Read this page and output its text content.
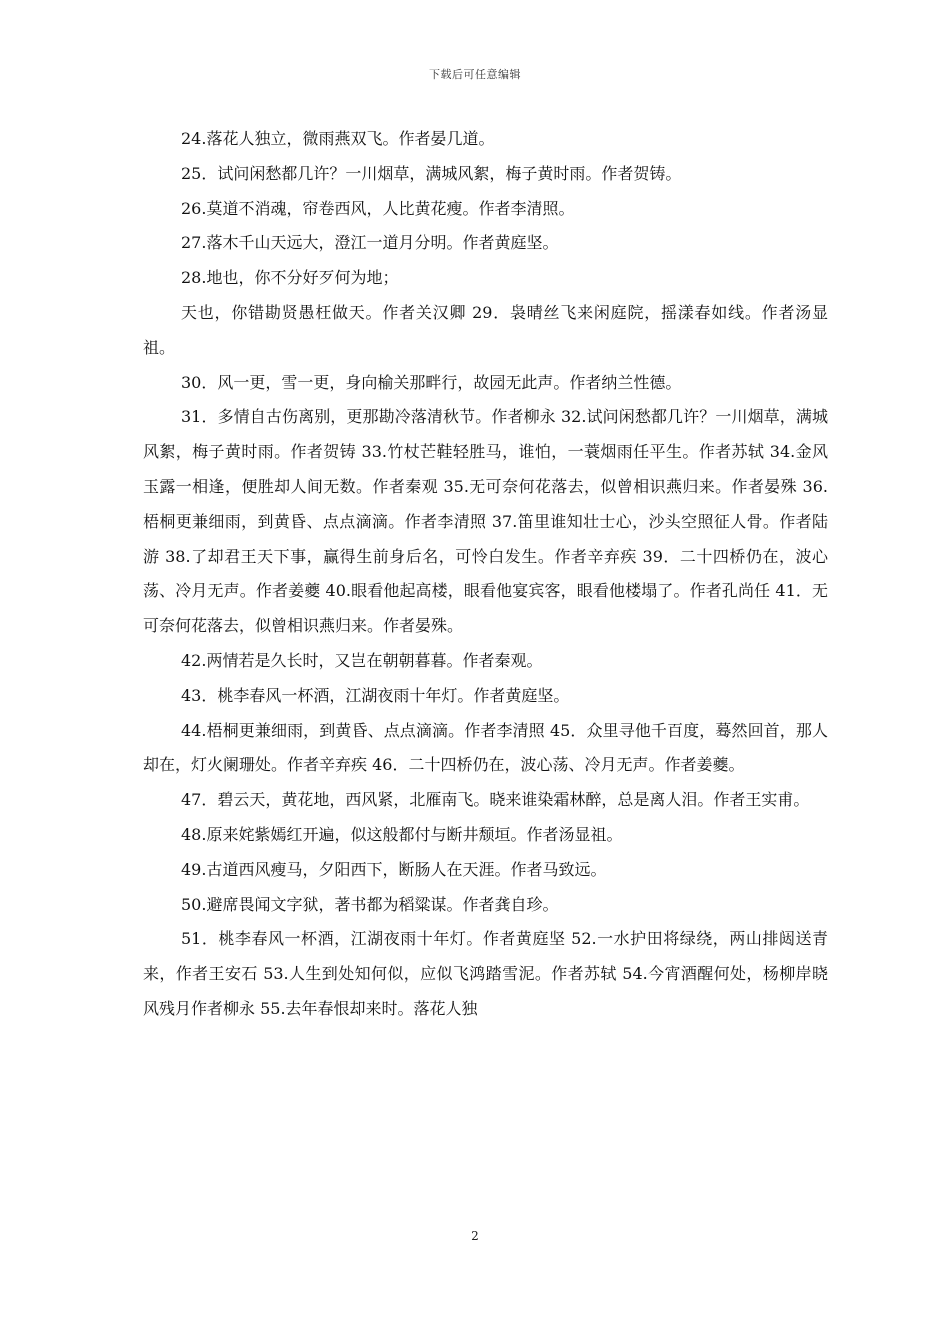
下载后可任意编辑

24.落花人独立，微雨燕双飞。作者晏几道。

25．试问闲愁都几许？一川烟草，满城风絮，梅子黄时雨。作者贺铸。

26.莫道不消魂，帘卷西风，人比黄花瘦。作者李清照。

27.落木千山天远大，澄江一道月分明。作者黄庭坚。

28.地也，你不分好歹何为地；

天也，你错勘贤愚枉做天。作者关汉卿 29．袅晴丝飞来闲庭院，摇漾春如线。作者汤显祖。

30．风一更，雪一更，身向榆关那畔行，故园无此声。作者纳兰性德。

31．多情自古伤离别，更那勘冷落清秋节。作者柳永 32.试问闲愁都几许？一川烟草，满城风絮，梅子黄时雨。作者贺铸 33.竹杖芒鞋轻胜马，谁怕，一蓑烟雨任平生。作者苏轼 34.金风玉露一相逢，便胜却人间无数。作者秦观 35.无可奈何花落去，似曾相识燕归来。作者晏殊 36.梧桐更兼细雨，到黄昏、点点滴滴。作者李清照 37.笛里谁知壮士心，沙头空照征人骨。作者陆游 38.了却君王天下事，赢得生前身后名，可怜白发生。作者辛弃疾 39．二十四桥仍在，波心荡、冷月无声。作者姜夔 40.眼看他起高楼，眼看他宴宾客，眼看他楼塌了。作者孔尚任 41．无可奈何花落去，似曾相识燕归来。作者晏殊。

42.两情若是久长时，又岂在朝朝暮暮。作者秦观。

43．桃李春风一杯酒，江湖夜雨十年灯。作者黄庭坚。

44.梧桐更兼细雨，到黄昏、点点滴滴。作者李清照 45．众里寻他千百度，蓦然回首，那人却在，灯火阑珊处。作者辛弃疾 46．二十四桥仍在，波心荡、冷月无声。作者姜夔。

47．碧云天，黄花地，西风紧，北雁南飞。晓来谁染霜林醉，总是离人泪。作者王实甫。

48.原来姹紫嫣红开遍，似这般都付与断井颓垣。作者汤显祖。

49.古道西风瘦马，夕阳西下，断肠人在天涯。作者马致远。

50.避席畏闻文字狱，著书都为稻粱谋。作者龚自珍。

51．桃李春风一杯酒，江湖夜雨十年灯。作者黄庭坚 52.一水护田将绿绕，两山排闼送青来，作者王安石 53.人生到处知何似，应似飞鸿踏雪泥。作者苏轼 54.今宵酒醒何处，杨柳岸晓风残月作者柳永 55.去年春恨却来时。落花人独

2
